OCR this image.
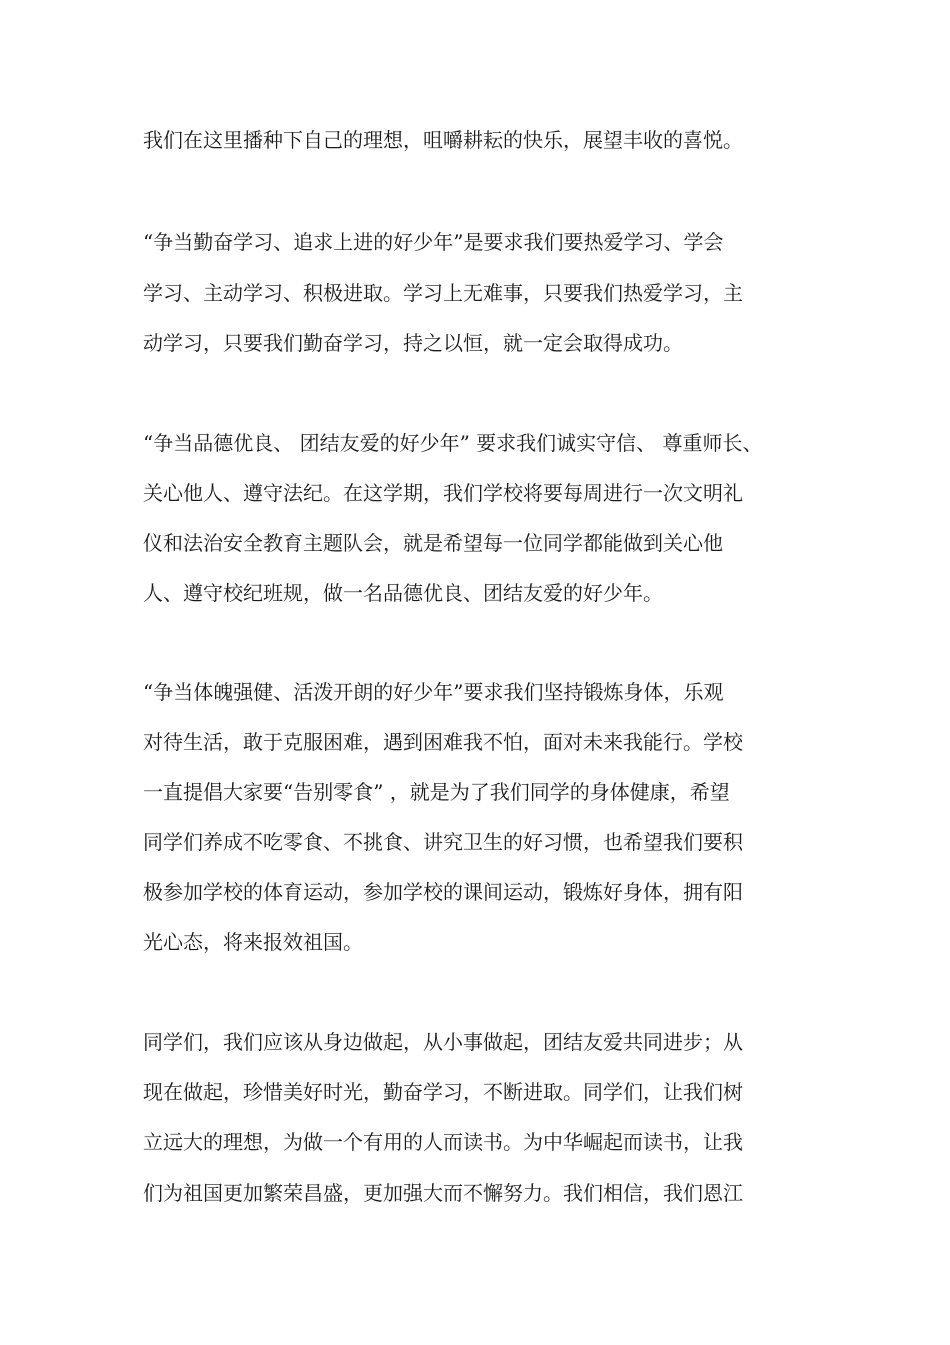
我们在这里播种下自己的理想，咀嚼耕耘的快乐，展望丰收的喜悦。
“争当勤奋学习、追求上进的好少年”是要求我们要热爱学习、学会
学习、主动学习、积极进取。学习上无难事，只要我们热爱学习，主
动学习，只要我们勤奋学习，持之以恒，就一定会取得成功。
“争当品德优良、 团结友爱的好少年” 要求我们诚实守信、 尊重师长、
关心他人、遵守法纪。在这学期，我们学校将要每周进行一次文明礼
仪和法治安全教育主题队会，就是希望每一位同学都能做到关心他
人、遵守校纪班规，做一名品德优良、团结友爱的好少年。
“争当体魄强健、活泼开朗的好少年”要求我们坚持锻炼身体，乐观
对待生活，敢于克服困难，遇到困难我不怕，面对未来我能行。学校
一直提倡大家要“告别零食” ，就是为了我们同学的身体健康，希望
同学们养成不吃零食、不挑食、讲究卫生的好习惯，也希望我们要积
极参加学校的体育运动，参加学校的课间运动，锻炼好身体，拥有阳
光心态，将来报效祖国。
同学们，我们应该从身边做起，从小事做起，团结友爱共同进步；从
现在做起，珍惜美好时光，勤奋学习，不断进取。同学们，让我们树
立远大的理想，为做一个有用的人而读书。为中华崛起而读书，让我
们为祖国更加繁荣昌盛，更加强大而不懈努力。我们相信，我们恩江
